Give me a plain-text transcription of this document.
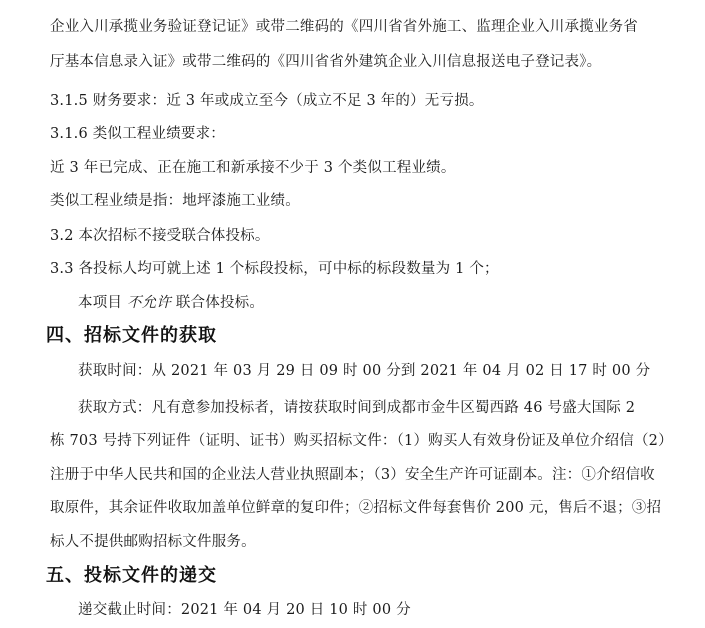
企业入川承揽业务验证登记证》或带二维码的《四川省省外施工、监理企业入川承揽业务省
厅基本信息录入证》或带二维码的《四川省省外建筑企业入川信息报送电子登记表》。
3.1.5 财务要求：近 3 年或成立至今（成立不足 3 年的）无亏损。
3.1.6 类似工程业绩要求：
近 3 年已完成、正在施工和新承接不少于 3 个类似工程业绩。
类似工程业绩是指：地坪漆施工业绩。
3.2 本次招标不接受联合体投标。
3.3 各投标人均可就上述 1 个标段投标，可中标的标段数量为 1 个；
本项目 不允许 联合体投标。
四、招标文件的获取
获取时间：从 2021 年 03 月 29 日 09 时 00 分到 2021 年 04 月 02 日 17 时 00 分
获取方式：凡有意参加投标者，请按获取时间到成都市金牛区蜀西路 46 号盛大国际 2
栋 703 号持下列证件（证明、证书）购买招标文件：（1）购买人有效身份证及单位介绍信（2）
注册于中华人民共和国的企业法人营业执照副本；（3）安全生产许可证副本。注：①介绍信收
取原件，其余证件收取加盖单位鲜章的复印件；②招标文件每套售价 200 元，售后不退；③招
标人不提供邮购招标文件服务。
五、投标文件的递交
递交截止时间：2021 年 04 月 20 日 10 时 00 分
